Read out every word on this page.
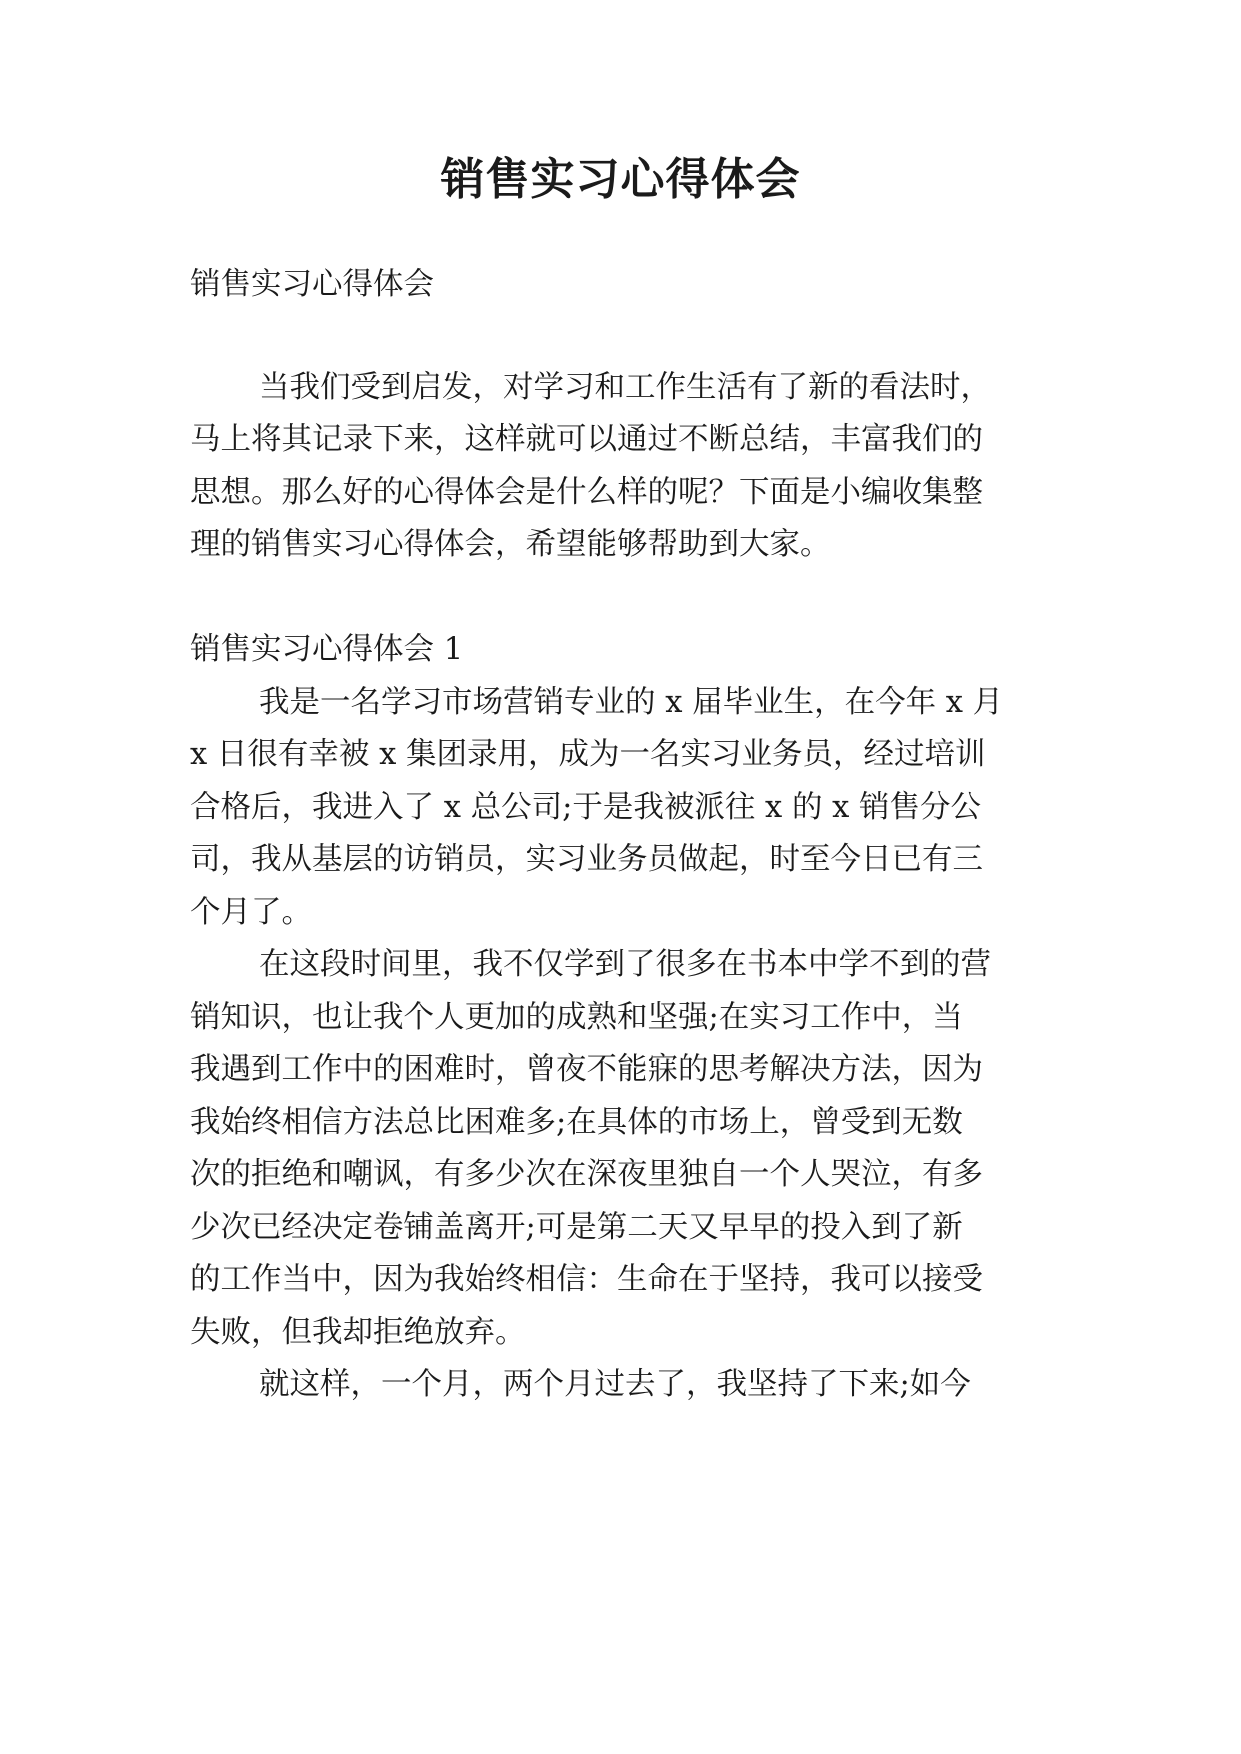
销售实习心得体会

销售实习心得体会

当我们受到启发，对学习和工作生活有了新的看法时，

马上将其记录下来，这样就可以通过不断总结，丰富我们的

思想。那么好的心得体会是什么样的呢？下面是小编收集整

理的销售实习心得体会，希望能够帮助到大家。

销售实习心得体会 1

我是一名学习市场营销专业的 x 届毕业生，在今年 x 月

x 日很有幸被 x 集团录用，成为一名实习业务员，经过培训

合格后，我进入了 x 总公司;于是我被派往 x 的 x 销售分公

司，我从基层的访销员，实习业务员做起，时至今日已有三

个月了。

在这段时间里，我不仅学到了很多在书本中学不到的营

销知识，也让我个人更加的成熟和坚强;在实习工作中，当

我遇到工作中的困难时，曾夜不能寐的思考解决方法，因为

我始终相信方法总比困难多;在具体的市场上，曾受到无数

次的拒绝和嘲讽，有多少次在深夜里独自一个人哭泣，有多

少次已经决定卷铺盖离开;可是第二天又早早的投入到了新

的工作当中，因为我始终相信：生命在于坚持，我可以接受

失败，但我却拒绝放弃。

就这样，一个月，两个月过去了，我坚持了下来;如今
